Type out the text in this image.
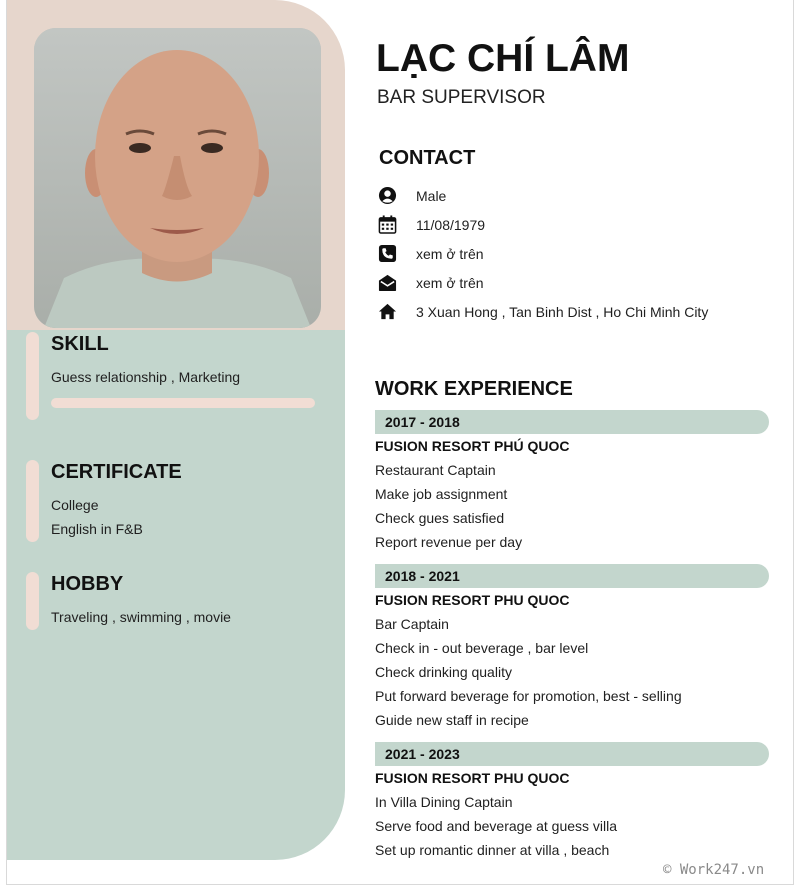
SKILL
Guess relationship , Marketing
CERTIFICATE
College
English in F&B
HOBBY
Traveling , swimming , movie
LẠC CHÍ LÂM
BAR SUPERVISOR
CONTACT
Male
11/08/1979
xem ở trên
xem ở trên
3 Xuan Hong , Tan Binh Dist , Ho Chi Minh City
WORK EXPERIENCE
2017 - 2018
FUSION RESORT PHÚ QUOC
Restaurant Captain
Make job assignment
Check gues satisfied
Report revenue per day
2018 - 2021
FUSION RESORT PHU QUOC
Bar Captain
Check in - out beverage , bar level
Check drinking quality
Put forward beverage for promotion, best - selling
Guide new staff in recipe
2021 - 2023
FUSION RESORT PHU QUOC
In Villa Dining Captain
Serve food and beverage at guess villa
Set up romantic dinner at villa , beach
© Work247.vn
